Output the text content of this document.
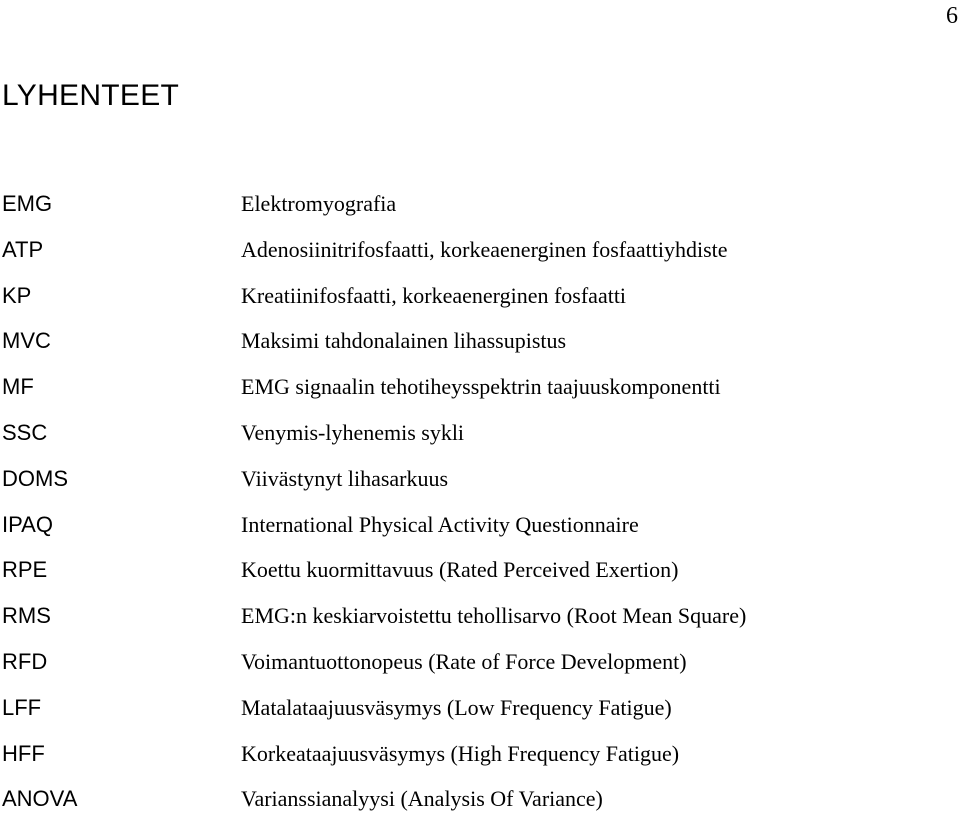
6
LYHENTEET
EMG	Elektromyografia
ATP	Adenosiinitrifosfaatti, korkeaenerginen fosfaattiyhdiste
KP	Kreatiinifosfaatti, korkeaenerginen fosfaatti
MVC	Maksimi tahdonalainen lihassupistus
MF	EMG signaalin tehotiheysspektrin taajuuskomponentti
SSC	Venymis-lyhenemis sykli
DOMS	Viivästynyt lihasarkuus
IPAQ	International Physical Activity Questionnaire
RPE	Koettu kuormittavuus (Rated Perceived Exertion)
RMS	EMG:n keskiarvoistettu tehollisarvo (Root Mean Square)
RFD	Voimantuottonopeus (Rate of Force Development)
LFF	Matalataajuusväsymys (Low Frequency Fatigue)
HFF	Korkeataajuusväsymys (High Frequency Fatigue)
ANOVA	Varianssianalyysi (Analysis Of Variance)
